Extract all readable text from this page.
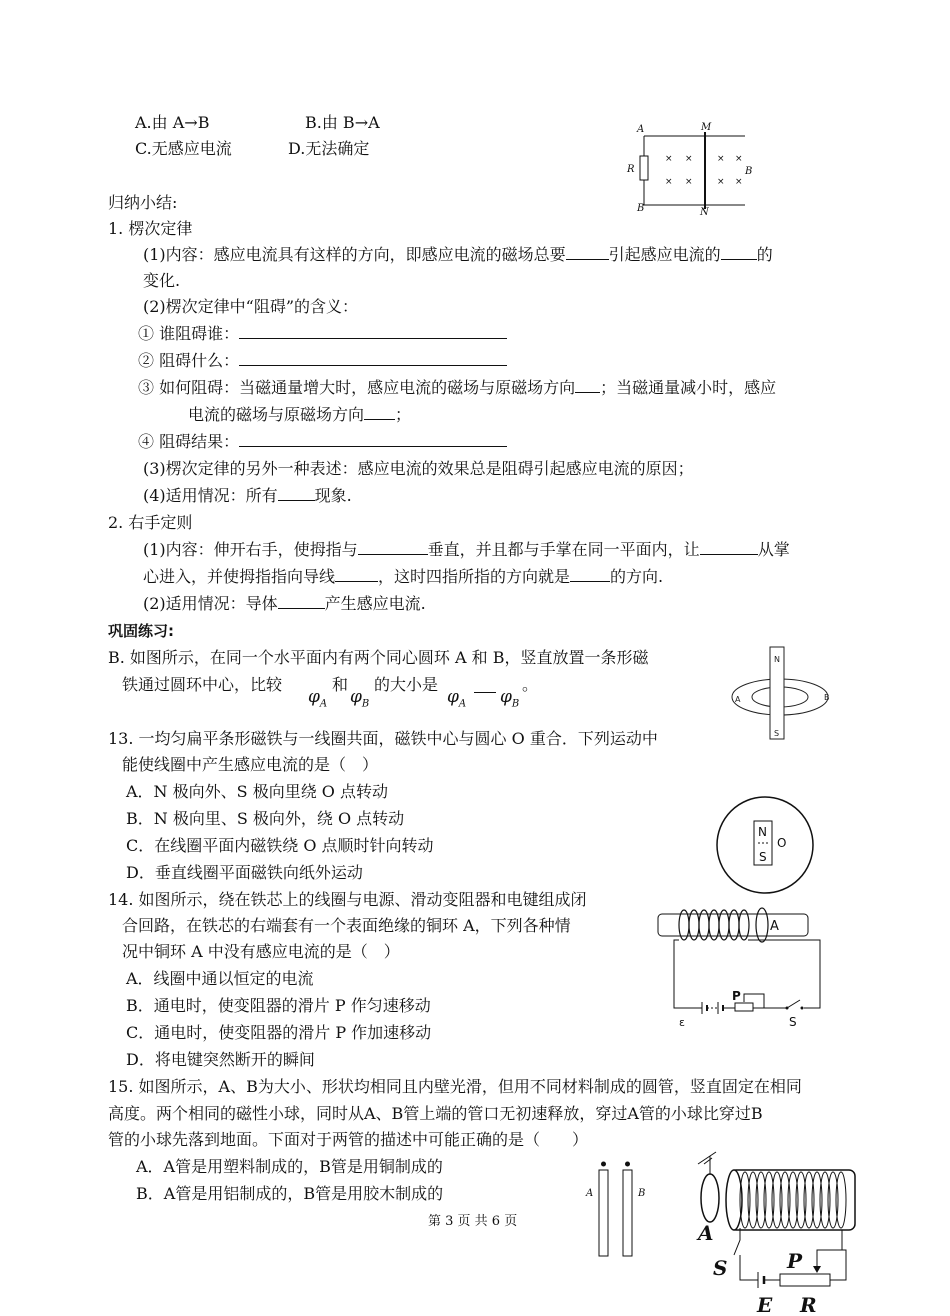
A.由 A→B	B.由 B→A
C.无感应电流	D.无法确定
× ×	× ×
× ×	× ×
A	M
R	B
B	N
归纳小结:
1. 楞次定律
(1)内容：感应电流具有这样的方向，即感应电流的磁场总要	引起感应电流的 的
变化.
(2)楞次定律中“阻碍”的含义：
① 谁阻碍谁：
② 阻碍什么：
③ 如何阻碍：当磁通量增大时，感应电流的磁场与原磁场方向 ；当磁通量减小时，感应
电流的磁场与原磁场方向 ；
④ 阻碍结果：
(3)楞次定律的另外一种表述：感应电流的效果总是阻碍引起感应电流的原因；
(4)适用情况：所有 现象.
2. 右手定则
(1)内容：伸开右手，使拇指与	垂直，并且都与手掌在同一平面内，让	从掌
心进入，并使拇指指向导线	，这时四指所指的方向就是	的方向.
(2)适用情况：导体	产生感应电流.
巩固练习:
B. 如图所示，在同一个水平面内有两个同心圆环 A 和 B，竖直放置一条形磁
铁通过圆环中心，比较
$\varphi_A$
和
$\varphi_B$
的大小是
$\varphi_A$ $\varphi_B$
。
N
S
A	B
13. 一均匀扁平条形磁铁与一线圈共面，磁铁中心与圆心 O 重合．下列运动中
能使线圈中产生感应电流的是（　）
A．N 极向外、S 极向里绕 O 点转动
B．N 极向里、S 极向外，绕 O 点转动
C．在线圈平面内磁铁绕 O 点顺时针向转动
D．垂直线圈平面磁铁向纸外运动
N
S
O
14. 如图所示，绕在铁芯上的线圈与电源、滑动变阻器和电键组成闭
合回路，在铁芯的右端套有一个表面绝缘的铜环 A，下列各种情
况中铜环 A 中没有感应电流的是（　）
A．线圈中通以恒定的电流
B．通电时，使变阻器的滑片 P 作匀速移动
C．通电时，使变阻器的滑片 P 作加速移动
D．将电键突然断开的瞬间
A
P
ε	S
15. 如图所示，A、B为大小、形状均相同且内壁光滑，但用不同材料制成的圆管，竖直固定在相同
高度。两个相同的磁性小球，同时从A、B管上端的管口无初速释放，穿过A管的小球比穿过B
管的小球先落到地面。下面对于两管的描述中可能正确的是（　　）
A．A管是用塑料制成的，B管是用铜制成的
B．A管是用铝制成的，B管是用胶木制成的	A	B
A
S	P
E R
第 3 页 共 6 页
